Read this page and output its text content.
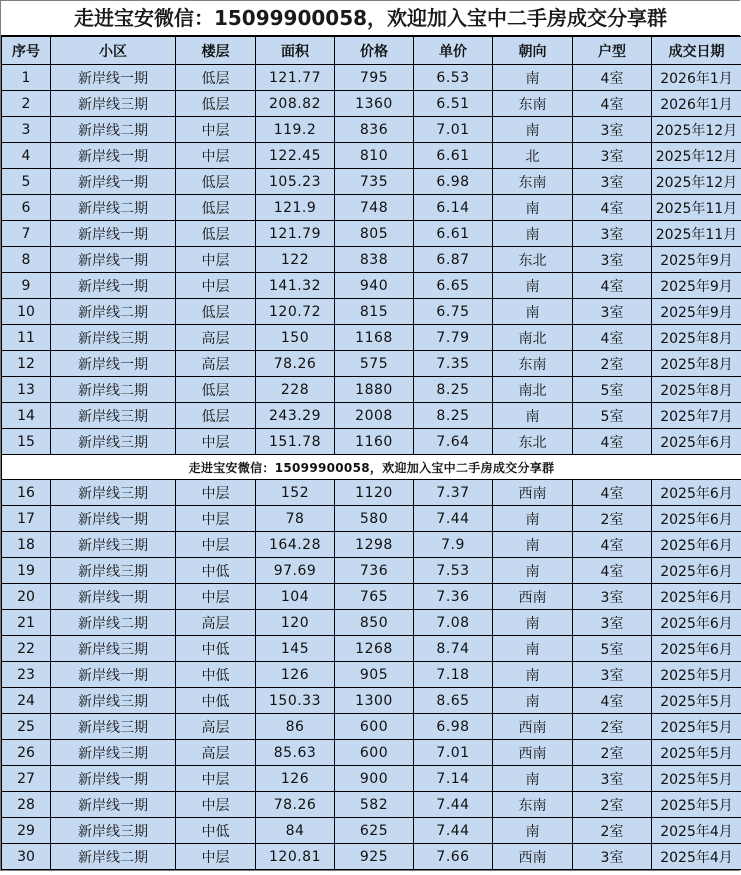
走进宝安微信：15099900058，欢迎加入宝中二手房成交分享群
序号	小区	楼层	面积	价格	单价	朝向	户型	成交日期
1	新岸线一期	低层	121.77	795	6.53	南	4室	2026年1月
2	新岸线三期	低层	208.82	1360	6.51	东南	4室	2026年1月
3	新岸线二期	中层	119.2	836	7.01	南	3室	2025年12月
4	新岸线一期	中层	122.45	810	6.61	北	3室	2025年12月
5	新岸线一期	低层	105.23	735	6.98	东南	3室	2025年12月
6	新岸线二期	低层	121.9	748	6.14	南	4室	2025年11月
7	新岸线一期	低层	121.79	805	6.61	南	3室	2025年11月
8	新岸线一期	中层	122	838	6.87	东北	3室	2025年9月
9	新岸线一期	中层	141.32	940	6.65	南	4室	2025年9月
10	新岸线二期	低层	120.72	815	6.75	南	3室	2025年9月
11	新岸线三期	高层	150	1168	7.79	南北	4室	2025年8月
12	新岸线一期	高层	78.26	575	7.35	东南	2室	2025年8月
13	新岸线二期	低层	228	1880	8.25	南北	5室	2025年8月
14	新岸线三期	低层	243.29	2008	8.25	南	5室	2025年7月
15	新岸线三期	中层	151.78	1160	7.64	东北	4室	2025年6月
走进宝安微信：15099900058，欢迎加入宝中二手房成交分享群								
16	新岸线三期	中层	152	1120	7.37	西南	4室	2025年6月
17	新岸线一期	中层	78	580	7.44	南	2室	2025年6月
18	新岸线三期	中层	164.28	1298	7.9	南	4室	2025年6月
19	新岸线三期	中低	97.69	736	7.53	南	4室	2025年6月
20	新岸线一期	中层	104	765	7.36	西南	3室	2025年6月
21	新岸线二期	高层	120	850	7.08	南	3室	2025年6月
22	新岸线三期	中低	145	1268	8.74	南	5室	2025年6月
23	新岸线一期	中低	126	905	7.18	南	3室	2025年5月
24	新岸线三期	中低	150.33	1300	8.65	南	4室	2025年5月
25	新岸线三期	高层	86	600	6.98	西南	2室	2025年5月
26	新岸线三期	高层	85.63	600	7.01	西南	2室	2025年5月
27	新岸线一期	中层	126	900	7.14	南	3室	2025年5月
28	新岸线一期	中层	78.26	582	7.44	东南	2室	2025年5月
29	新岸线三期	中低	84	625	7.44	南	2室	2025年4月
30	新岸线二期	中层	120.81	925	7.66	西南	3室	2025年4月
